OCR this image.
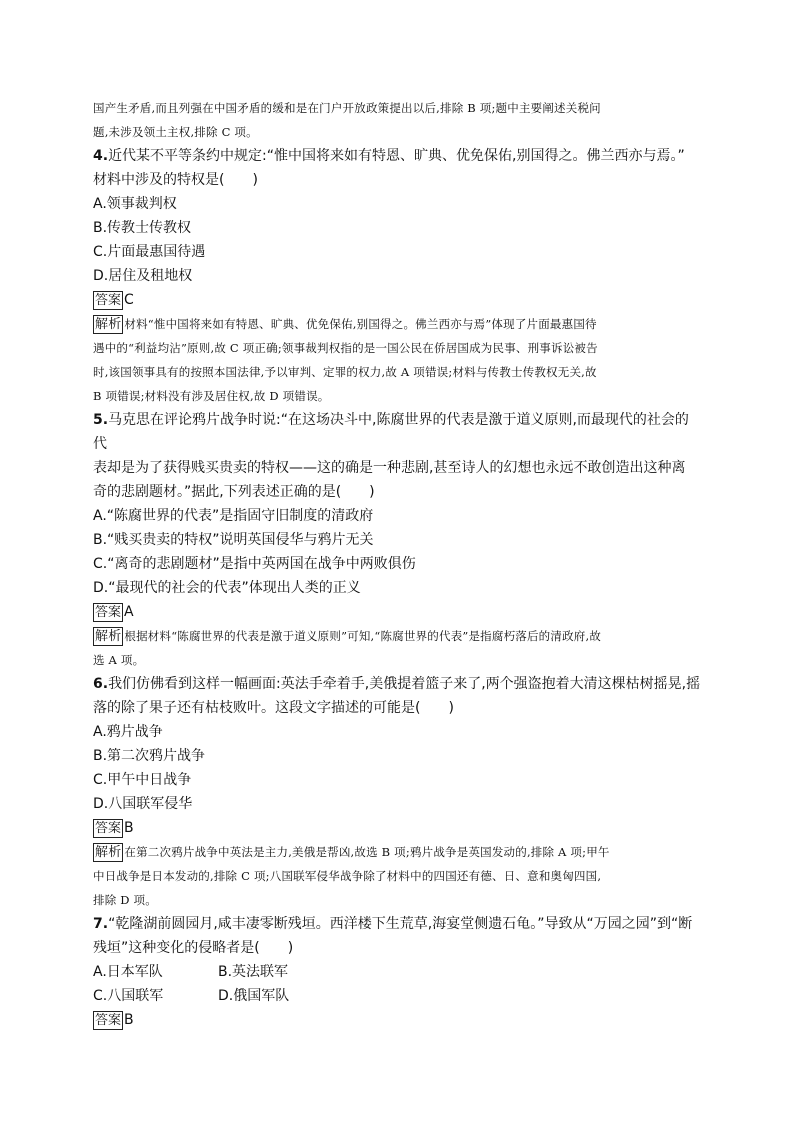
国产生矛盾,而且列强在中国矛盾的缓和是在门户开放政策提出以后,排除 B 项;题中主要阐述关税问

题,未涉及领土主权,排除 C 项。

4.近代某不平等条约中规定:“惟中国将来如有特恩、旷典、优免保佑,别国得之。佛兰西亦与焉。”

材料中涉及的特权是(　　)

A.领事裁判权

B.传教士传教权

C.片面最惠国待遇

D.居住及租地权

答案 C

解析 材料“惟中国将来如有特恩、旷典、优免保佑,别国得之。佛兰西亦与焉”体现了片面最惠国待

遇中的“利益均沾”原则,故 C 项正确;领事裁判权指的是一国公民在侨居国成为民事、刑事诉讼被告

时,该国领事具有的按照本国法律,予以审判、定罪的权力,故 A 项错误;材料与传教士传教权无关,故

B 项错误;材料没有涉及居住权,故 D 项错误。

5.马克思在评论鸦片战争时说:“在这场决斗中,陈腐世界的代表是激于道义原则,而最现代的社会的代

表却是为了获得贱买贵卖的特权——这的确是一种悲剧,甚至诗人的幻想也永远不敢创造出这种离

奇的悲剧题材。”据此,下列表述正确的是(　　)

A.“陈腐世界的代表”是指固守旧制度的清政府

B.“贱买贵卖的特权”说明英国侵华与鸦片无关

C.“离奇的悲剧题材”是指中英两国在战争中两败俱伤

D.“最现代的社会的代表”体现出人类的正义

答案 A

解析 根据材料“陈腐世界的代表是激于道义原则”可知,“陈腐世界的代表”是指腐朽落后的清政府,故

选 A 项。

6.我们仿佛看到这样一幅画面:英法手牵着手,美俄提着篮子来了,两个强盗抱着大清这棵枯树摇晃,摇

落的除了果子还有枯枝败叶。这段文字描述的可能是(　　)

A.鸦片战争

B.第二次鸦片战争

C.甲午中日战争

D.八国联军侵华

答案 B

解析 在第二次鸦片战争中英法是主力,美俄是帮凶,故选 B 项;鸦片战争是英国发动的,排除 A 项;甲午

中日战争是日本发动的,排除 C 项;八国联军侵华战争除了材料中的四国还有德、日、意和奥匈四国,

排除 D 项。

7.“乾隆湖前圆园月,咸丰凄零断残垣。西洋楼下生荒草,海宴堂侧遗石龟。”导致从“万园之园”到“断

残垣”这种变化的侵略者是(　　)

A.日本军队	B.英法联军
C.八国联军	D.俄国军队

答案 B
